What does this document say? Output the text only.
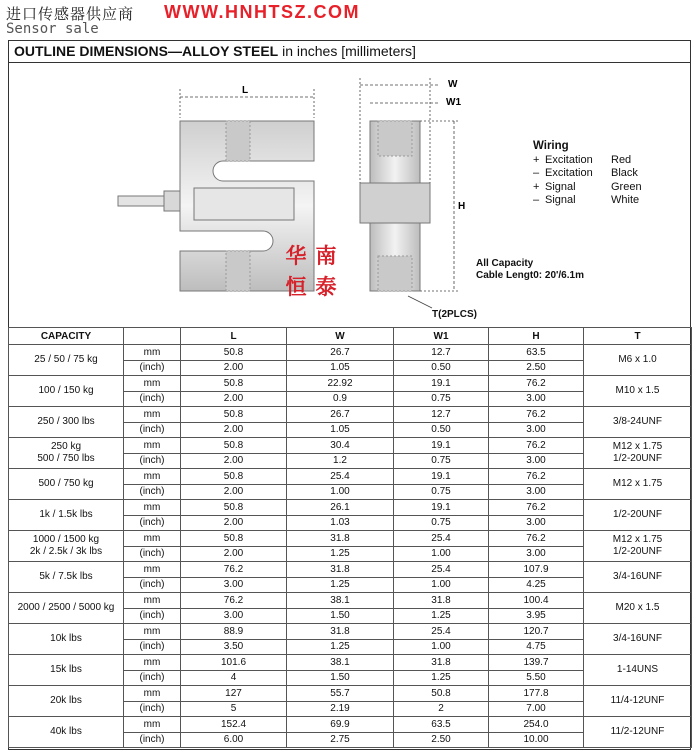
进口传感器供应商 WWW.HNHTSZ.COM
Sensor sale
OUTLINE DIMENSIONS—ALLOY STEEL in inches [millimeters]
L
W
W1
H
华 南
恒 泰
Wiring
+ Excitation	Red
– Excitation	Black
+ Signal	Green
– Signal	White
All Capacity
Cable Lengt0: 20'/6.1m
T(2PLCS)
CAPACITY		L	W	W1	H	T
25 / 50 / 75 kg	mm	50.8	26.7	12.7	63.5	M6 x 1.0
	(inch)	2.00	1.05	0.50	2.50	
100 / 150 kg	mm	50.8	22.92	19.1	76.2	M10 x 1.5
	(inch)	2.00	0.9	0.75	3.00	
250 / 300 lbs	mm	50.8	26.7	12.7	76.2	3/8-24UNF
	(inch)	2.00	1.05	0.50	3.00	
250 kg
500 / 750 lbs	mm	50.8	30.4	19.1	76.2	M12 x 1.75
1/2-20UNF
	(inch)	2.00	1.2	0.75	3.00	
500 / 750 kg	mm	50.8	25.4	19.1	76.2	M12 x 1.75
	(inch)	2.00	1.00	0.75	3.00	
1k / 1.5k lbs	mm	50.8	26.1	19.1	76.2	1/2-20UNF
	(inch)	2.00	1.03	0.75	3.00	
1000 / 1500 kg
2k / 2.5k / 3k lbs	mm	50.8	31.8	25.4	76.2	M12 x 1.75
1/2-20UNF
	(inch)	2.00	1.25	1.00	3.00	
5k / 7.5k lbs	mm	76.2	31.8	25.4	107.9	3/4-16UNF
	(inch)	3.00	1.25	1.00	4.25	
2000 / 2500 / 5000 kg	mm	76.2	38.1	31.8	100.4	M20 x 1.5
	(inch)	3.00	1.50	1.25	3.95	
10k lbs	mm	88.9	31.8	25.4	120.7	3/4-16UNF
	(inch)	3.50	1.25	1.00	4.75	
15k lbs	mm	101.6	38.1	31.8	139.7	1-14UNS
	(inch)	4	1.50	1.25	5.50	
20k lbs	mm	127	55.7	50.8	177.8	11/4-12UNF
	(inch)	5	2.19	2	7.00	
40k lbs	mm	152.4	69.9	63.5	254.0	11/2-12UNF
	(inch)	6.00	2.75	2.50	10.00	
